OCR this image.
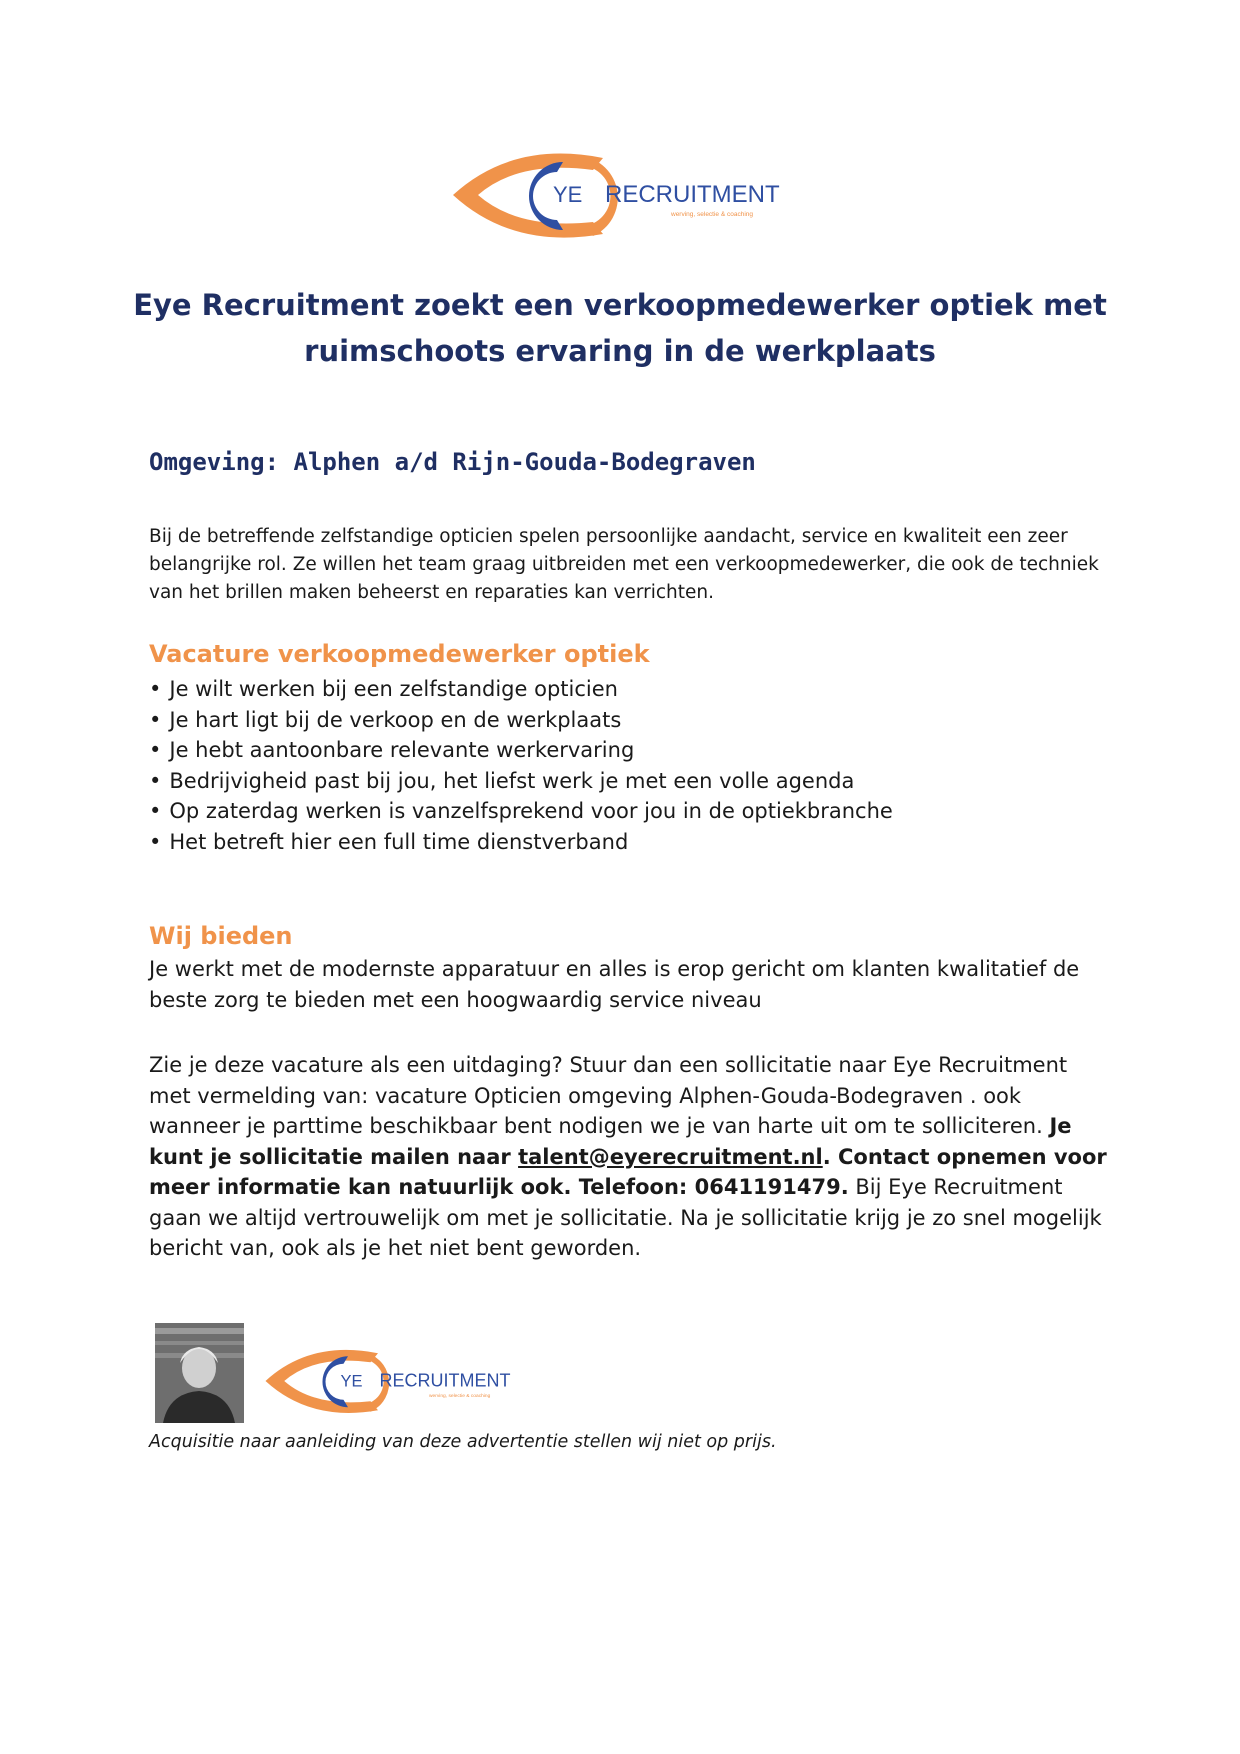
YE RECRUITMENT
werving, selectie & coaching
Eye Recruitment zoekt een verkoopmedewerker optiek met ruimschoots ervaring in de werkplaats
Omgeving: Alphen a/d Rijn-Gouda-Bodegraven

Bij de betreffende zelfstandige opticien spelen persoonlijke aandacht, service en kwaliteit een zeer belangrijke rol. Ze willen het team graag uitbreiden met een verkoopmedewerker, die ook de techniek van het brillen maken beheerst en reparaties kan verrichten.

Vacature verkoopmedewerker optiek
• Je wilt werken bij een zelfstandige opticien
• Je hart ligt bij de verkoop en de werkplaats
• Je hebt aantoonbare relevante werkervaring
• Bedrijvigheid past bij jou, het liefst werk je met een volle agenda
• Op zaterdag werken is vanzelfsprekend voor jou in de optiekbranche
• Het betreft hier een full time dienstverband
Wij bieden

Je werkt met de modernste apparatuur en alles is erop gericht om klanten kwalitatief de beste zorg te bieden met een hoogwaardig service niveau

Zie je deze vacature als een uitdaging? Stuur dan een sollicitatie naar Eye Recruitment met vermelding van: vacature Opticien omgeving Alphen-Gouda-Bodegraven . ook wanneer je parttime beschikbaar bent nodigen we je van harte uit om te solliciteren. Je kunt je sollicitatie mailen naar talent@eyerecruitment.nl. Contact opnemen voor meer informatie kan natuurlijk ook. Telefoon: 0641191479. Bij Eye Recruitment gaan we altijd vertrouwelijk om met je sollicitatie. Na je sollicitatie krijg je zo snel mogelijk bericht van, ook als je het niet bent geworden.

YE RECRUITMENT
werving, selectie & coaching

Acquisitie naar aanleiding van deze advertentie stellen wij niet op prijs.
